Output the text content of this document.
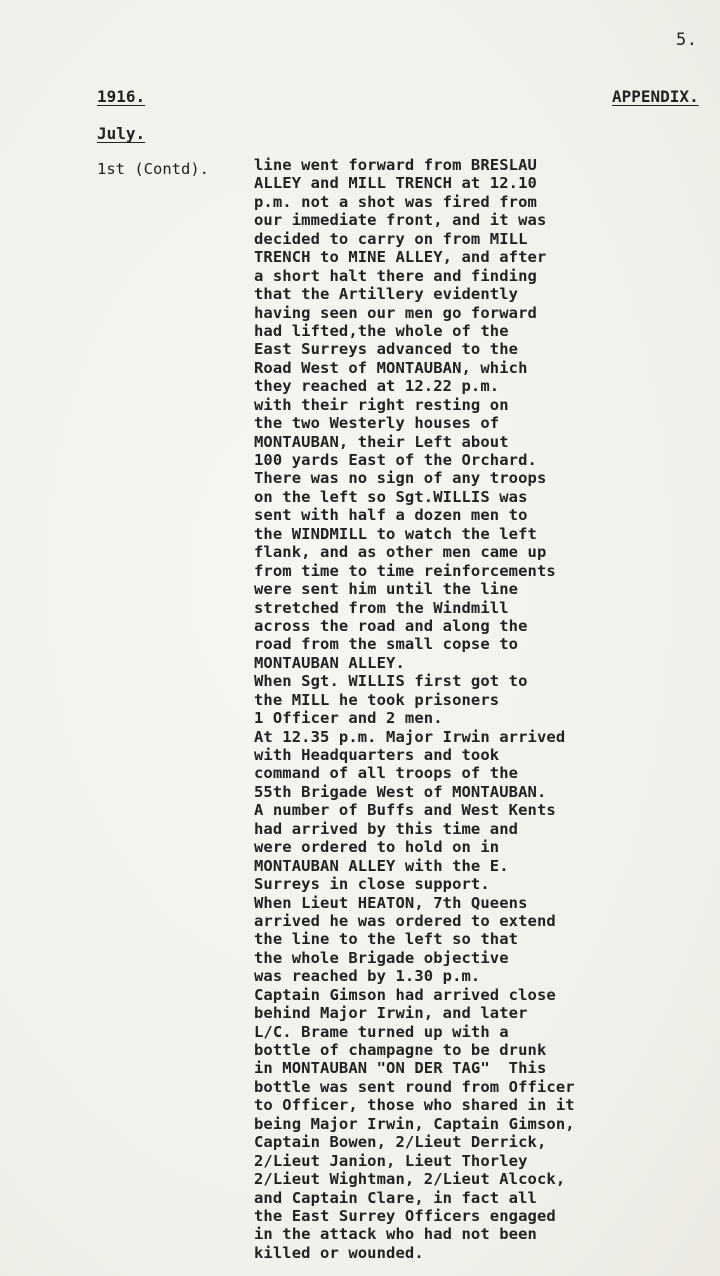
5.
1916.	APPENDIX.
July.
1st (Contd).	line went forward from BRESLAU
ALLEY and MILL TRENCH at 12.10
p.m. not a shot was fired from
our immediate front, and it was
decided to carry on from MILL
TRENCH to MINE ALLEY, and after
a short halt there and finding
that the Artillery evidently
having seen our men go forward
had lifted,the whole of the
East Surreys advanced to the
Road West of MONTAUBAN, which
they reached at 12.22 p.m.
with their right resting on
the two Westerly houses of
MONTAUBAN, their Left about
100 yards East of the Orchard.
There was no sign of any troops
on the left so Sgt.WILLIS was
sent with half a dozen men to
the WINDMILL to watch the left
flank, and as other men came up
from time to time reinforcements
were sent him until the line
stretched from the Windmill
across the road and along the
road from the small copse to
MONTAUBAN ALLEY.
When Sgt. WILLIS first got to
the MILL he took prisoners
1 Officer and 2 men.
At 12.35 p.m. Major Irwin arrived
with Headquarters and took
command of all troops of the
55th Brigade West of MONTAUBAN.
A number of Buffs and West Kents
had arrived by this time and
were ordered to hold on in
MONTAUBAN ALLEY with the E.
Surreys in close support.
When Lieut HEATON, 7th Queens
arrived he was ordered to extend
the line to the left so that
the whole Brigade objective
was reached by 1.30 p.m.
Captain Gimson had arrived close
behind Major Irwin, and later
L/C. Brame turned up with a
bottle of champagne to be drunk
in MONTAUBAN "ON DER TAG"  This
bottle was sent round from Officer
to Officer, those who shared in it
being Major Irwin, Captain Gimson,
Captain Bowen, 2/Lieut Derrick,
2/Lieut Janion, Lieut Thorley
2/Lieut Wightman, 2/Lieut Alcock,
and Captain Clare, in fact all
the East Surrey Officers engaged
in the attack who had not been
killed or wounded.
